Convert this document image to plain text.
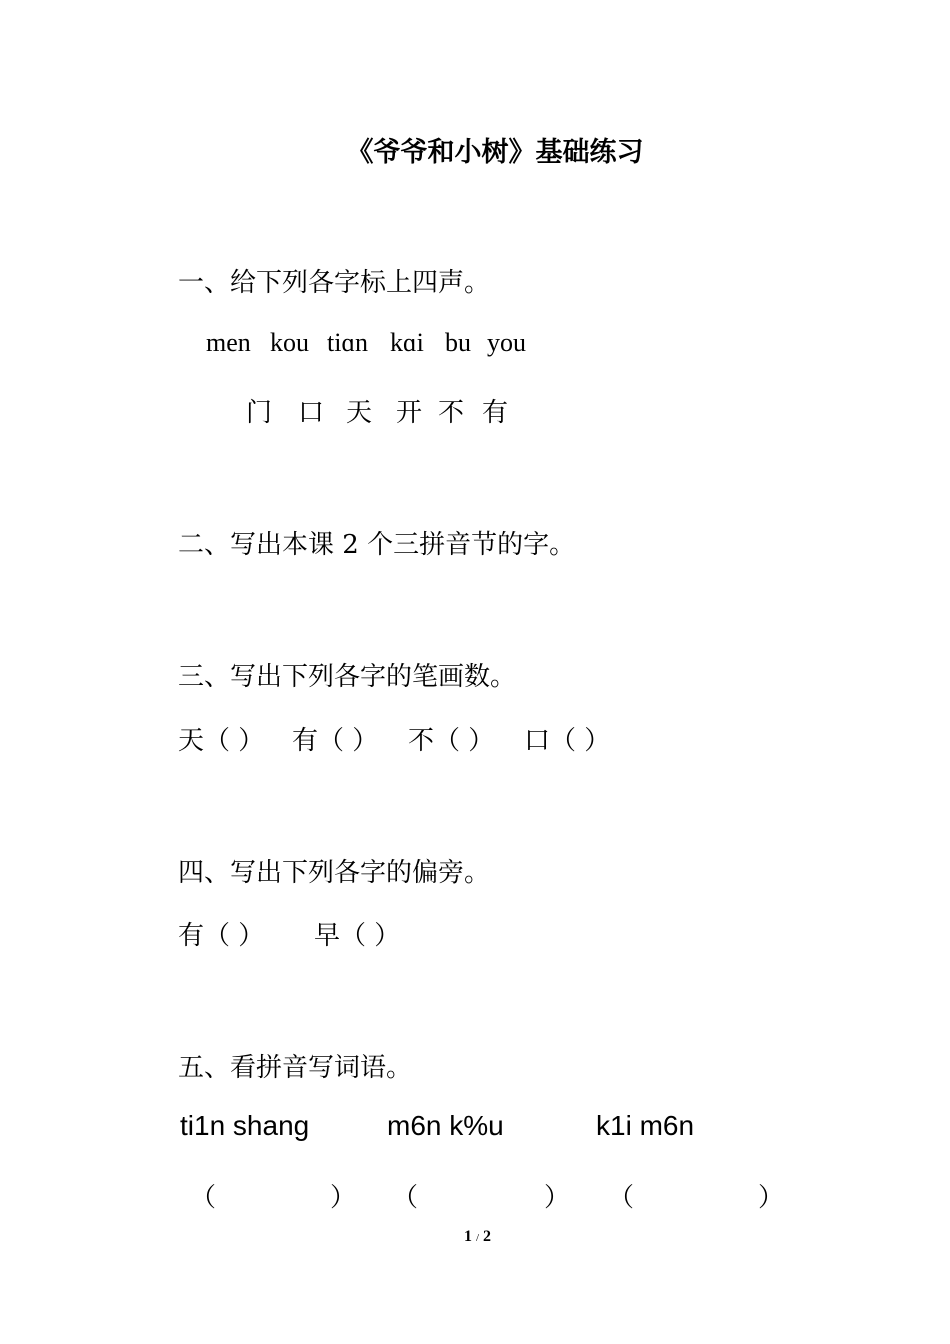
《爷爷和小树》基础练习
一、给下列各字标上四声。
men kou tiɑn kɑi bu you
门 口 天 开 不 有
二、写出本课 2 个三拼音节的字。
三、写出下列各字的笔画数。
天（ ） 有（ ） 不（ ） 口（ ）
四、写出下列各字的偏旁。
有（ ） 早（ ）
五、看拼音写词语。
ti1n shang	m6n k%u	k1i m6n
（	） （	） （	）
1 / 2
